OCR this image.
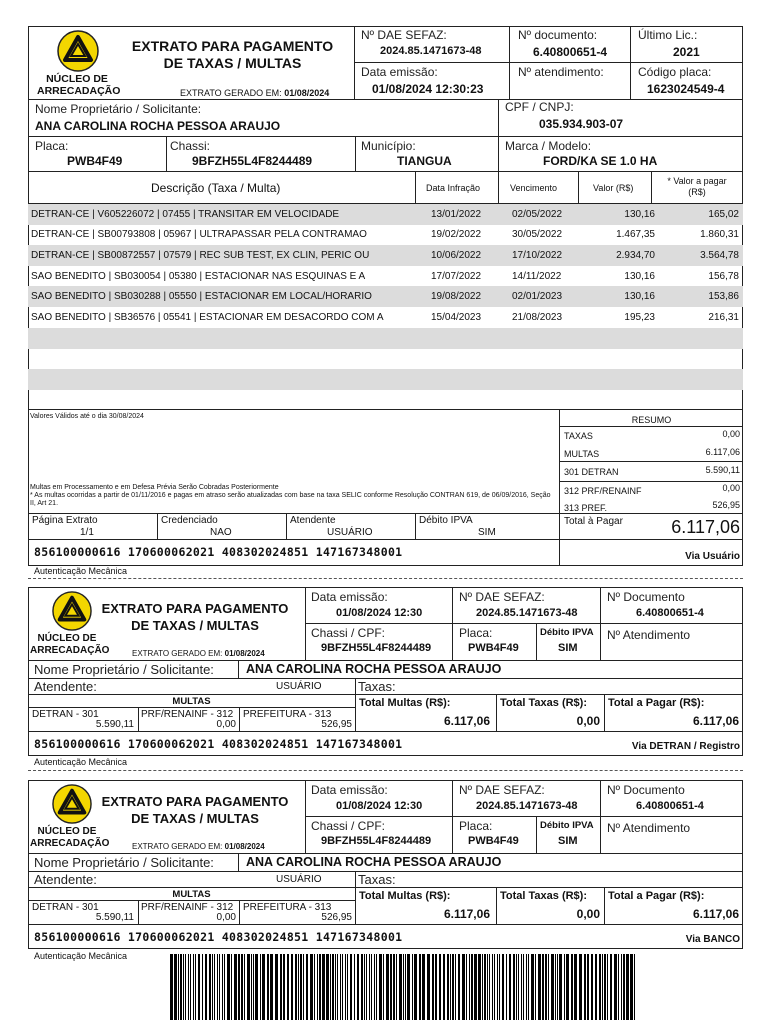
NÚCLEO DE
ARRECADAÇÃO
EXTRATO PARA PAGAMENTO
DE TAXAS / MULTAS
EXTRATO GERADO EM: 01/08/2024
Nº DAE SEFAZ:
2024.85.1471673-48
Nº documento:
6.40800651-4
Último Lic.:
2021
Data emissão:
01/08/2024 12:30:23
Nº atendimento:	Código placa:
1623024549-4
Nome Proprietário / Solicitante:
ANA CAROLINA ROCHA PESSOA ARAUJO
CPF / CNPJ:
035.934.903-07
Placa:
PWB4F49
Chassi:
9BFZH55L4F8244489
Município:
TIANGUA
Marca / Modelo:
FORD/KA SE 1.0 HA
Descrição (Taxa / Multa)	Data Infração	Vencimento	Valor (R$)
* Valor a pagar
(R$)
DETRAN-CE | V605226072 | 07455 | TRANSITAR EM VELOCIDADE	13/01/2022	02/05/2022	130,16	165,02
DETRAN-CE | SB00793808 | 05967 | ULTRAPASSAR PELA CONTRAMAO	19/02/2022	30/05/2022	1.467,35	1.860,31
DETRAN-CE | SB00872557 | 07579 | REC SUB TEST, EX CLIN, PERIC OU	10/06/2022	17/10/2022	2.934,70	3.564,78
SAO BENEDITO | SB030054 | 05380 | ESTACIONAR NAS ESQUINAS E A	17/07/2022	14/11/2022	130,16	156,78
SAO BENEDITO | SB030288 | 05550 | ESTACIONAR EM LOCAL/HORARIO	19/08/2022	02/01/2023	130,16	153,86
SAO BENEDITO | SB36576 | 05541 | ESTACIONAR EM DESACORDO COM A	15/04/2023	21/08/2023	195,23	216,31
Valores Válidos até o dia 30/08/2024
Multas em Processamento e em Defesa Prévia Serão Cobradas Posteriormente
* As multas ocorridas a partir de 01/11/2016 e pagas em atraso serão atualizadas com base na taxa SELIC conforme Resolução CONTRAN 619, de 06/09/2016, Seção II, Art 21.
RESUMO
TAXAS	0,00
MULTAS	6.117,06
301 DETRAN	5.590,11
312 PRF/RENAINF	0,00
313 PREF.	526,95
Página Extrato
1/1
Credenciado
NAO
Atendente
USUÁRIO
Débito IPVA
SIM
Total à Pagar	6.117,06
856100000616 170600062021 408302024851 147167348001	Via Usuário
Autenticação Mecânica
NÚCLEO DE
ARRECADAÇÃO
EXTRATO PARA PAGAMENTO
DE TAXAS / MULTAS
EXTRATO GERADO EM: 01/08/2024
Data emissão:
01/08/2024 12:30
Nº DAE SEFAZ:
2024.85.1471673-48
Nº Documento
6.40800651-4
Chassi / CPF:
9BFZH55L4F8244489
Placa:
PWB4F49
Débito IPVA
SIM
Nº Atendimento
Nome Proprietário / Solicitante:	ANA CAROLINA ROCHA PESSOA ARAUJO
Atendente:	USUÁRIO	Taxas:
MULTAS
DETRAN - 301
5.590,11
PRF/RENAINF - 312
0,00
PREFEITURA - 313
526,95
Total Multas (R$):
6.117,06
Total Taxas (R$):
0,00
Total a Pagar (R$):
6.117,06
856100000616 170600062021 408302024851 147167348001	Via DETRAN / Registro
Autenticação Mecânica
NÚCLEO DE
ARRECADAÇÃO
EXTRATO PARA PAGAMENTO
DE TAXAS / MULTAS
EXTRATO GERADO EM: 01/08/2024
Data emissão:
01/08/2024 12:30
Nº DAE SEFAZ:
2024.85.1471673-48
Nº Documento
6.40800651-4
Chassi / CPF:
9BFZH55L4F8244489
Placa:
PWB4F49
Débito IPVA
SIM
Nº Atendimento
Nome Proprietário / Solicitante:	ANA CAROLINA ROCHA PESSOA ARAUJO
Atendente:	USUÁRIO	Taxas:
MULTAS
DETRAN - 301
5.590,11
PRF/RENAINF - 312
0,00
PREFEITURA - 313
526,95
Total Multas (R$):
6.117,06
Total Taxas (R$):
0,00
Total a Pagar (R$):
6.117,06
856100000616 170600062021 408302024851 147167348001	Via BANCO
Autenticação Mecânica
